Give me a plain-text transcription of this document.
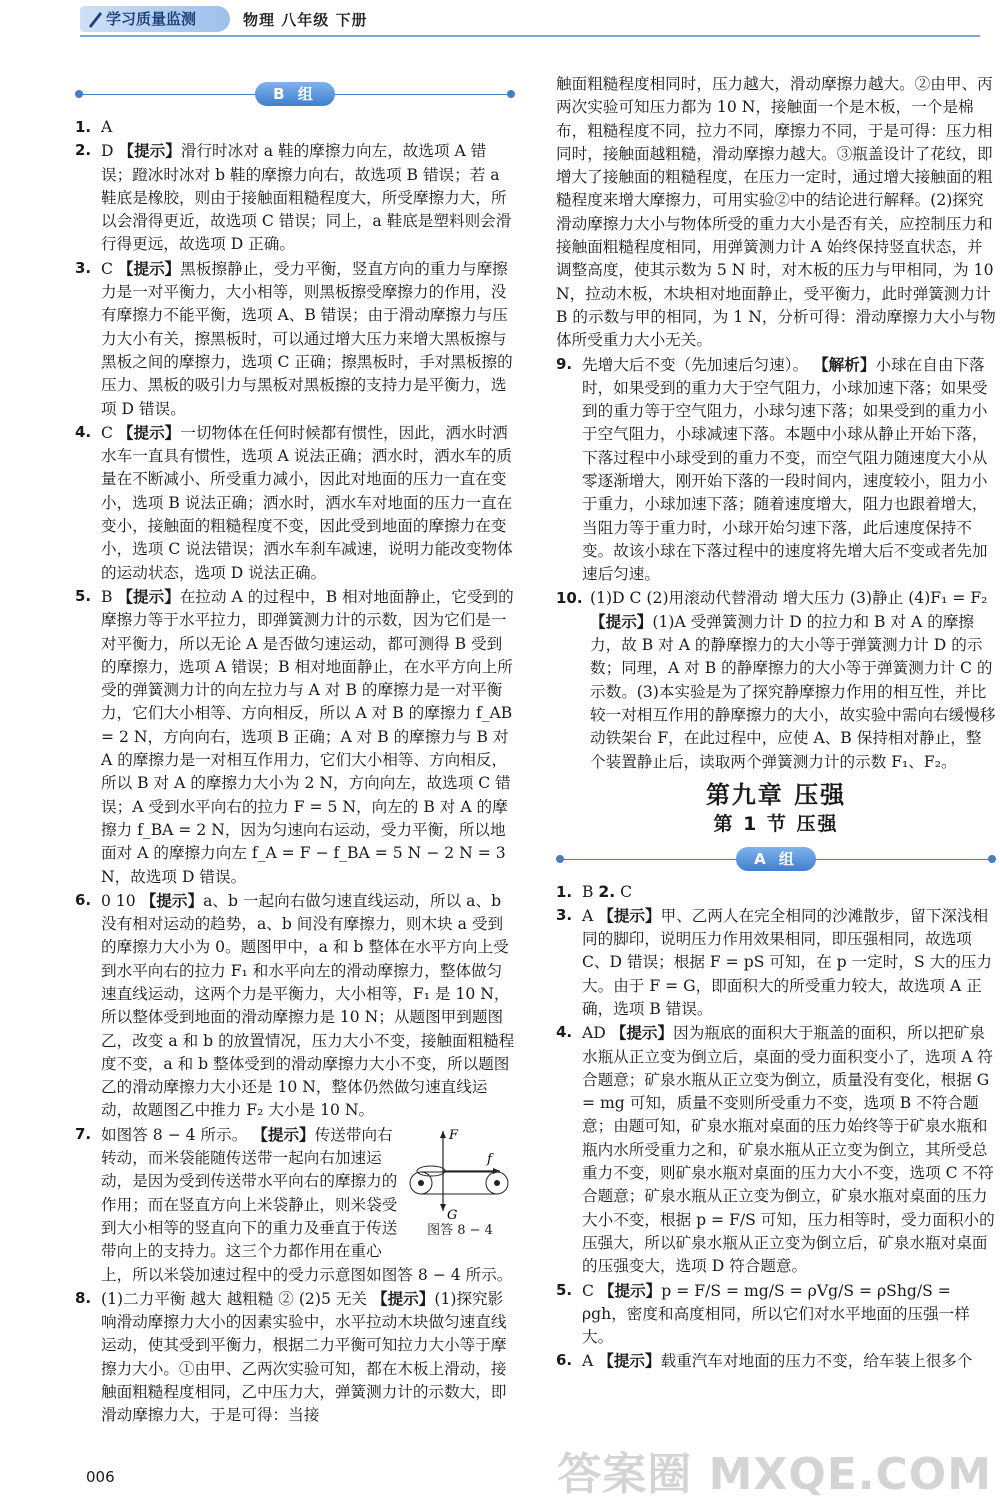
学习质量监测	物理 八年级 下册
B 组

1. A

2. D 【提示】滑行时冰对 a 鞋的摩擦力向左，故选项 A 错误；蹬冰时冰对 b 鞋的摩擦力向右，故选项 B 错误；若 a 鞋底是橡胶，则由于接触面粗糙程度大，所受摩擦力大，所以会滑得更近，故选项 C 错误；同上，a 鞋底是塑料则会滑行得更远，故选项 D 正确。

3. C 【提示】黑板擦静止，受力平衡，竖直方向的重力与摩擦力是一对平衡力，大小相等，则黑板擦受摩擦力的作用，没有摩擦力不能平衡，选项 A、B 错误；由于滑动摩擦力与压力大小有关，擦黑板时，可以通过增大压力来增大黑板擦与黑板之间的摩擦力，选项 C 正确；擦黑板时，手对黑板擦的压力、黑板的吸引力与黑板对黑板擦的支持力是平衡力，选项 D 错误。

4. C 【提示】一切物体在任何时候都有惯性，因此，洒水时洒水车一直具有惯性，选项 A 说法正确；洒水时，洒水车的质量在不断减小、所受重力减小，因此对地面的压力一直在变小，选项 B 说法正确；洒水时，洒水车对地面的压力一直在变小，接触面的粗糙程度不变，因此受到地面的摩擦力在变小，选项 C 说法错误；洒水车刹车减速，说明力能改变物体的运动状态，选项 D 说法正确。

5. B 【提示】在拉动 A 的过程中，B 相对地面静止，它受到的摩擦力等于水平拉力，即弹簧测力计的示数，因为它们是一对平衡力，所以无论 A 是否做匀速运动，都可测得 B 受到的摩擦力，选项 A 错误；B 相对地面静止，在水平方向上所受的弹簧测力计的向左拉力与 A 对 B 的摩擦力是一对平衡力，它们大小相等、方向相反，所以 A 对 B 的摩擦力 f_AB = 2 N，方向向右，选项 B 正确；A 对 B 的摩擦力与 B 对 A 的摩擦力是一对相互作用力，它们大小相等、方向相反，所以 B 对 A 的摩擦力大小为 2 N，方向向左，故选项 C 错误；A 受到水平向右的拉力 F = 5 N，向左的 B 对 A 的摩擦力 f_BA = 2 N，因为匀速向右运动，受力平衡，所以地面对 A 的摩擦力向左 f_A = F − f_BA = 5 N − 2 N = 3 N，故选项 D 错误。

6. 0 10 【提示】a、b 一起向右做匀速直线运动，所以 a、b 没有相对运动的趋势，a、b 间没有摩擦力，则木块 a 受到的摩擦力大小为 0。题图甲中，a 和 b 整体在水平方向上受到水平向右的拉力 F₁ 和水平向左的滑动摩擦力，整体做匀速直线运动，这两个力是平衡力，大小相等，F₁ 是 10 N，所以整体受到地面的滑动摩擦力是 10 N；从题图甲到题图乙，改变 a 和 b 的放置情况，压力大小不变，接触面粗糙程度不变，a 和 b 整体受到的滑动摩擦力大小不变，所以题图乙的滑动摩擦力大小还是 10 N，整体仍然做匀速直线运动，故题图乙中推力 F₂ 大小是 10 N。

7.	F
G
f
图答 8 − 4
如图答 8 − 4 所示。 【提示】传送带向右转动，而米袋能随传送带一起向右加速运动，是因为受到传送带水平向右的摩擦力的作用；而在竖直方向上米袋静止，则米袋受到大小相等的竖直向下的重力及垂直于传送带向上的支持力。这三个力都作用在重心上，所以米袋加速过程中的受力示意图如图答 8 − 4 所示。

8. (1)二力平衡 越大 越粗糙 ② (2)5 无关 【提示】(1)探究影响滑动摩擦力大小的因素实验中，水平拉动木块做匀速直线运动，使其受到平衡力，根据二力平衡可知拉力大小等于摩擦力大小。①由甲、乙两次实验可知，都在木板上滑动，接触面粗糙程度相同，乙中压力大，弹簧测力计的示数大，即滑动摩擦力大，于是可得：当接

触面粗糙程度相同时，压力越大，滑动摩擦力越大。②由甲、丙两次实验可知压力都为 10 N，接触面一个是木板，一个是棉布，粗糙程度不同，拉力不同，摩擦力不同，于是可得：压力相同时，接触面越粗糙，滑动摩擦力越大。③瓶盖设计了花纹，即增大了接触面的粗糙程度，在压力一定时，通过增大接触面的粗糙程度来增大摩擦力，可用实验②中的结论进行解释。(2)探究滑动摩擦力大小与物体所受的重力大小是否有关，应控制压力和接触面粗糙程度相同，用弹簧测力计 A 始终保持竖直状态，并调整高度，使其示数为 5 N 时，对木板的压力与甲相同，为 10 N，拉动木板，木块相对地面静止，受平衡力，此时弹簧测力计 B 的示数与甲的相同，为 1 N，分析可得：滑动摩擦力大小与物体所受重力大小无关。

9. 先增大后不变（先加速后匀速）。 【解析】小球在自由下落时，如果受到的重力大于空气阻力，小球加速下落；如果受到的重力等于空气阻力，小球匀速下落；如果受到的重力小于空气阻力，小球减速下落。本题中小球从静止开始下落，下落过程中小球受到的重力不变，而空气阻力随速度大小从零逐渐增大，刚开始下落的一段时间内，速度较小，阻力小于重力，小球加速下落；随着速度增大，阻力也跟着增大，当阻力等于重力时，小球开始匀速下落，此后速度保持不变。故该小球在下落过程中的速度将先增大后不变或者先加速后匀速。

10. (1)D C (2)用滚动代替滑动 增大压力 (3)静止 (4)F₁ = F₂ 【提示】(1)A 受弹簧测力计 D 的拉力和 B 对 A 的摩擦力，故 B 对 A 的静摩擦力的大小等于弹簧测力计 D 的示数；同理，A 对 B 的静摩擦力的大小等于弹簧测力计 C 的示数。(3)本实验是为了探究静摩擦力作用的相互性，并比较一对相互作用的静摩擦力的大小，故实验中需向右缓慢移动铁架台 F，在此过程中，应使 A、B 保持相对静止，整个装置静止后，读取两个弹簧测力计的示数 F₁、F₂。

第九章 压强
第 1 节 压强
A 组

1. B 2. C

3. A 【提示】甲、乙两人在完全相同的沙滩散步，留下深浅相同的脚印，说明压力作用效果相同，即压强相同，故选项 C、D 错误；根据 F = pS 可知，在 p 一定时，S 大的压力大。由于 F = G，即面积大的所受重力较大，故选项 A 正确，选项 B 错误。

4. AD 【提示】因为瓶底的面积大于瓶盖的面积，所以把矿泉水瓶从正立变为倒立后，桌面的受力面积变小了，选项 A 符合题意；矿泉水瓶从正立变为倒立，质量没有变化，根据 G = mg 可知，质量不变则所受重力不变，选项 B 不符合题意；由题可知，矿泉水瓶对桌面的压力始终等于矿泉水瓶和瓶内水所受重力之和，矿泉水瓶从正立变为倒立，其所受总重力不变，则矿泉水瓶对桌面的压力大小不变，选项 C 不符合题意；矿泉水瓶从正立变为倒立，矿泉水瓶对桌面的压力大小不变，根据 p = F/S 可知，压力相等时，受力面积小的压强大，所以矿泉水瓶从正立变为倒立后，矿泉水瓶对桌面的压强变大，选项 D 符合题意。

5. C 【提示】p = F/S = mg/S = ρVg/S = ρShg/S = ρgh，密度和高度相同，所以它们对水平地面的压强一样大。

6. A 【提示】载重汽车对地面的压力不变，给车装上很多个

006	答案圈 MXQE.COM
